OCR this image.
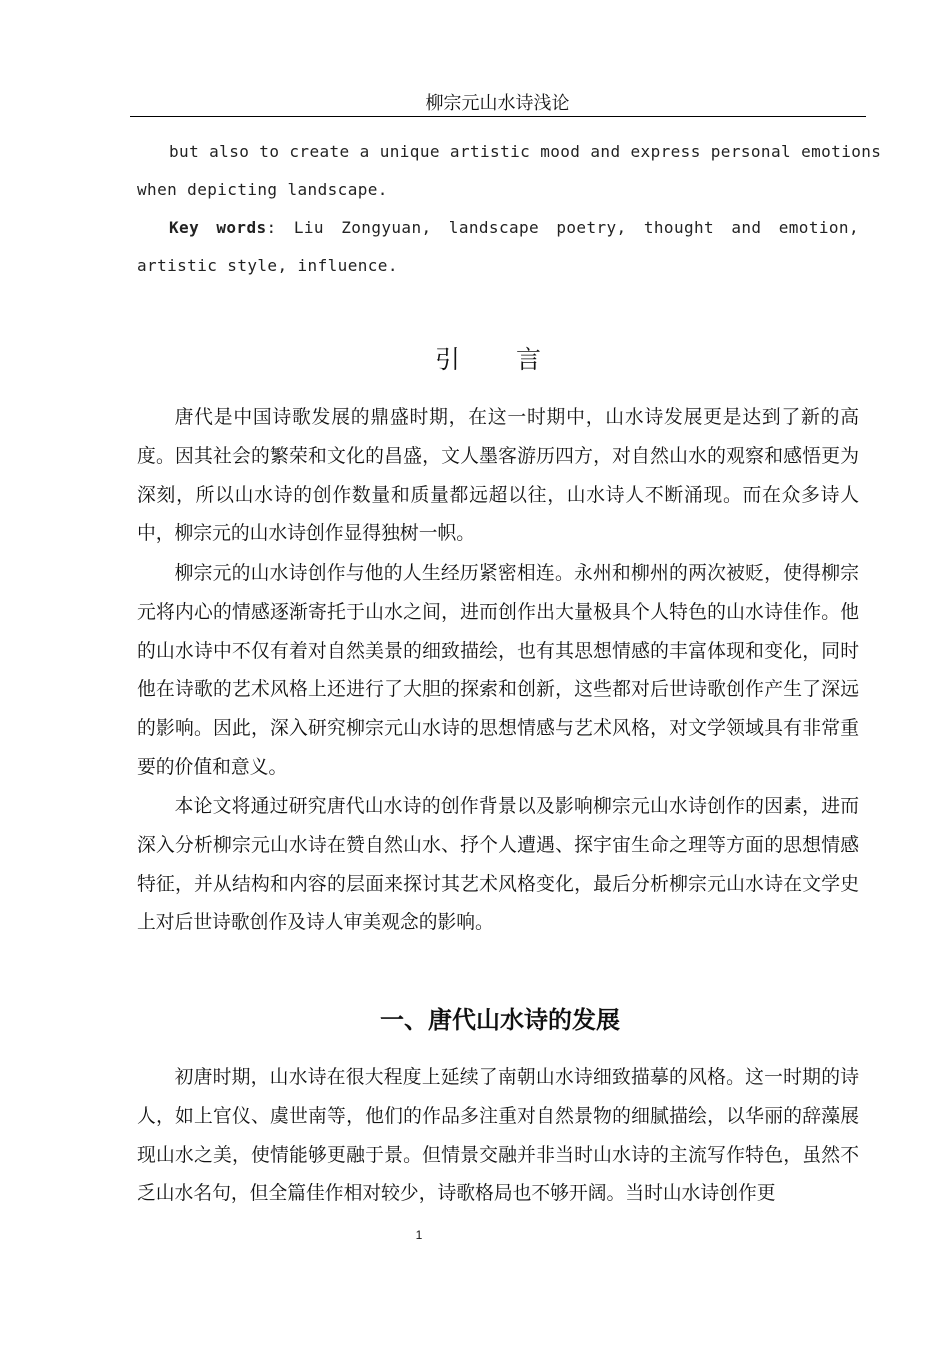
柳宗元山水诗浅论
but also to create a unique artistic mood and express personal emotions
when depicting landscape.
Key words: Liu Zongyuan, landscape poetry, thought and emotion,
artistic style, influence.
引 言
唐代是中国诗歌发展的鼎盛时期，在这一时期中，山水诗发展更是达到了新的高度。因其社会的繁荣和文化的昌盛，文人墨客游历四方，对自然山水的观察和感悟更为深刻，所以山水诗的创作数量和质量都远超以往，山水诗人不断涌现。而在众多诗人中，柳宗元的山水诗创作显得独树一帜。
柳宗元的山水诗创作与他的人生经历紧密相连。永州和柳州的两次被贬，使得柳宗元将内心的情感逐渐寄托于山水之间，进而创作出大量极具个人特色的山水诗佳作。他的山水诗中不仅有着对自然美景的细致描绘，也有其思想情感的丰富体现和变化，同时他在诗歌的艺术风格上还进行了大胆的探索和创新，这些都对后世诗歌创作产生了深远的影响。因此，深入研究柳宗元山水诗的思想情感与艺术风格，对文学领域具有非常重要的价值和意义。
本论文将通过研究唐代山水诗的创作背景以及影响柳宗元山水诗创作的因素，进而深入分析柳宗元山水诗在赞自然山水、抒个人遭遇、探宇宙生命之理等方面的思想情感特征，并从结构和内容的层面来探讨其艺术风格变化，最后分析柳宗元山水诗在文学史上对后世诗歌创作及诗人审美观念的影响。
一、唐代山水诗的发展
初唐时期，山水诗在很大程度上延续了南朝山水诗细致描摹的风格。这一时期的诗人，如上官仪、虞世南等，他们的作品多注重对自然景物的细腻描绘，以华丽的辞藻展现山水之美，使情能够更融于景。但情景交融并非当时山水诗的主流写作特色，虽然不乏山水名句，但全篇佳作相对较少，诗歌格局也不够开阔。当时山水诗创作更
1
